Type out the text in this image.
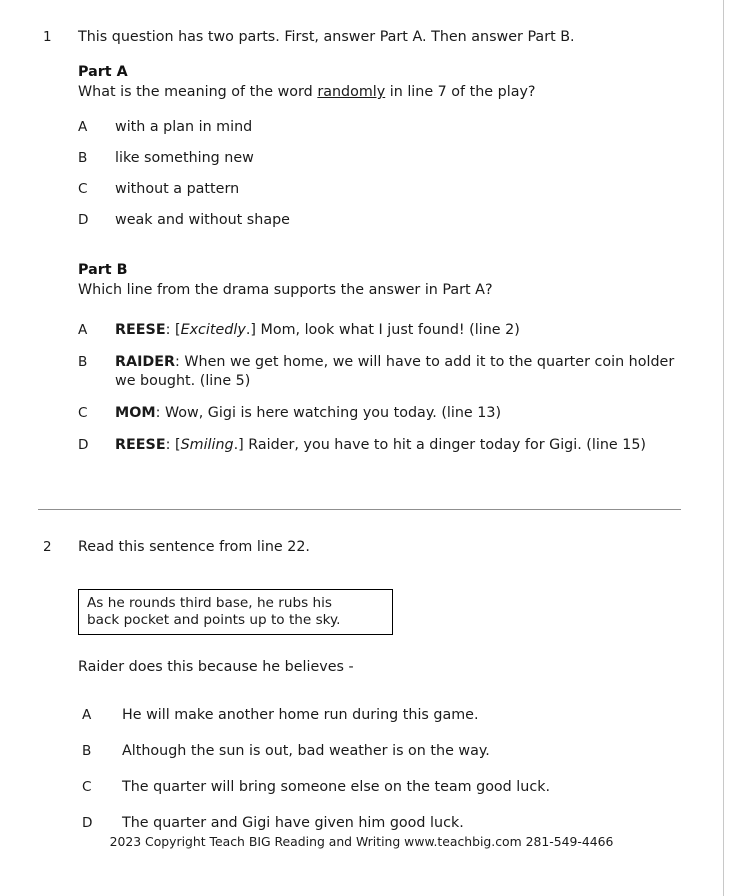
1	This question has two parts. First, answer Part A. Then answer Part B.
Part A
What is the meaning of the word randomly in line 7 of the play?
A	with a plan in mind
B	like something new
C	without a pattern
D	weak and without shape
Part B
Which line from the drama supports the answer in Part A?
A	REESE: [Excitedly.] Mom, look what I just found! (line 2)
B	RAIDER: When we get home, we will have to add it to the quarter coin holder we bought. (line 5)
C	MOM: Wow, Gigi is here watching you today. (line 13)
D	REESE: [Smiling.] Raider, you have to hit a dinger today for Gigi. (line 15)
2	Read this sentence from line 22.
As he rounds third base, he rubs his
back pocket and points up to the sky.
Raider does this because he believes -
A	He will make another home run during this game.
B	Although the sun is out, bad weather is on the way.
C	The quarter will bring someone else on the team good luck.
D	The quarter and Gigi have given him good luck.
2023 Copyright Teach BIG Reading and Writing www.teachbig.com 281-549-4466
